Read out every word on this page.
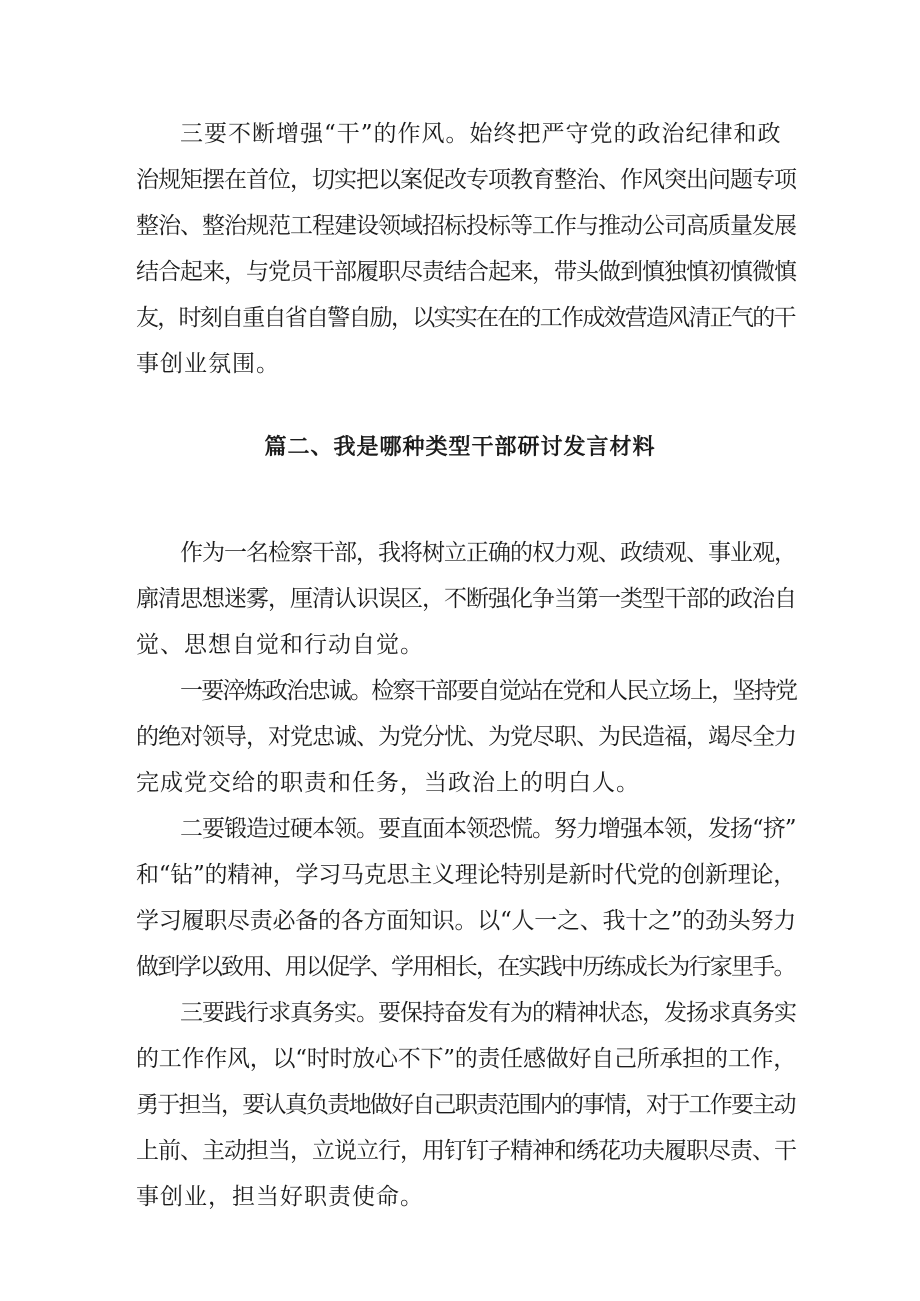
三要不断增强“干”的作风。始终把严守党的政治纪律和政
治规矩摆在首位，切实把以案促改专项教育整治、作风突出问题专项
整治、整治规范工程建设领域招标投标等工作与推动公司高质量发展
结合起来，与党员干部履职尽责结合起来，带头做到慎独慎初慎微慎
友，时刻自重自省自警自励，以实实在在的工作成效营造风清正气的干
事创业氛围。
篇二、我是哪种类型干部研讨发言材料
作为一名检察干部，我将树立正确的权力观、政绩观、事业观，
廓清思想迷雾，厘清认识误区，不断强化争当第一类型干部的政治自
觉、思想自觉和行动自觉。
一要淬炼政治忠诚。检察干部要自觉站在党和人民立场上，坚持党
的绝对领导，对党忠诚、为党分忧、为党尽职、为民造福，竭尽全力
完成党交给的职责和任务，当政治上的明白人。
二要锻造过硬本领。要直面本领恐慌。努力增强本领，发扬“挤”
和“钻”的精神，学习马克思主义理论特别是新时代党的创新理论，
学习履职尽责必备的各方面知识。以“人一之、我十之”的劲头努力
做到学以致用、用以促学、学用相长，在实践中历练成长为行家里手。
三要践行求真务实。要保持奋发有为的精神状态，发扬求真务实
的工作作风，以“时时放心不下”的责任感做好自己所承担的工作，
勇于担当，要认真负责地做好自己职责范围内的事情，对于工作要主动
上前、主动担当，立说立行，用钉钉子精神和绣花功夫履职尽责、干
事创业，担当好职责使命。
